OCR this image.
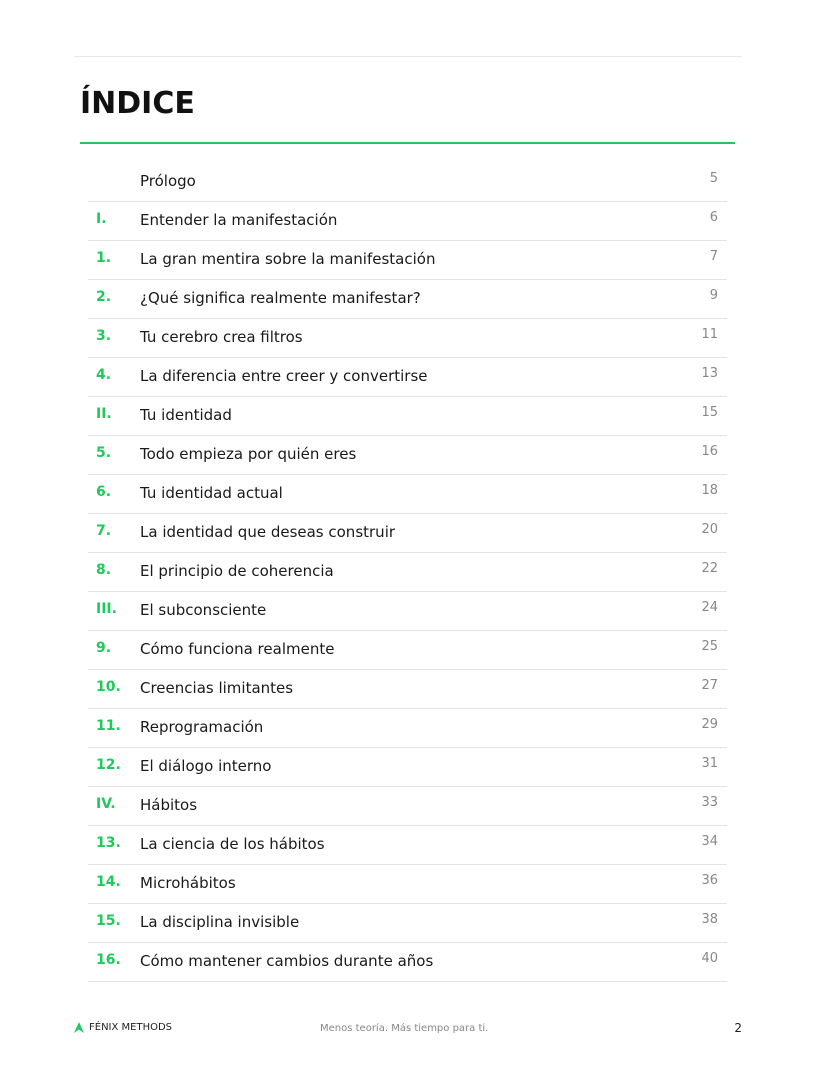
ÍNDICE
Prólogo	5
I. Entender la manifestación	6
1. La gran mentira sobre la manifestación	7
2. ¿Qué significa realmente manifestar?	9
3. Tu cerebro crea filtros	11
4. La diferencia entre creer y convertirse	13
II. Tu identidad	15
5. Todo empieza por quién eres	16
6. Tu identidad actual	18
7. La identidad que deseas construir	20
8. El principio de coherencia	22
III. El subconsciente	24
9. Cómo funciona realmente	25
10. Creencias limitantes	27
11. Reprogramación	29
12. El diálogo interno	31
IV. Hábitos	33
13. La ciencia de los hábitos	34
14. Microhábitos	36
15. La disciplina invisible	38
16. Cómo mantener cambios durante años	40
FÉNIX METHODS	Menos teoría. Más tiempo para ti.	2
